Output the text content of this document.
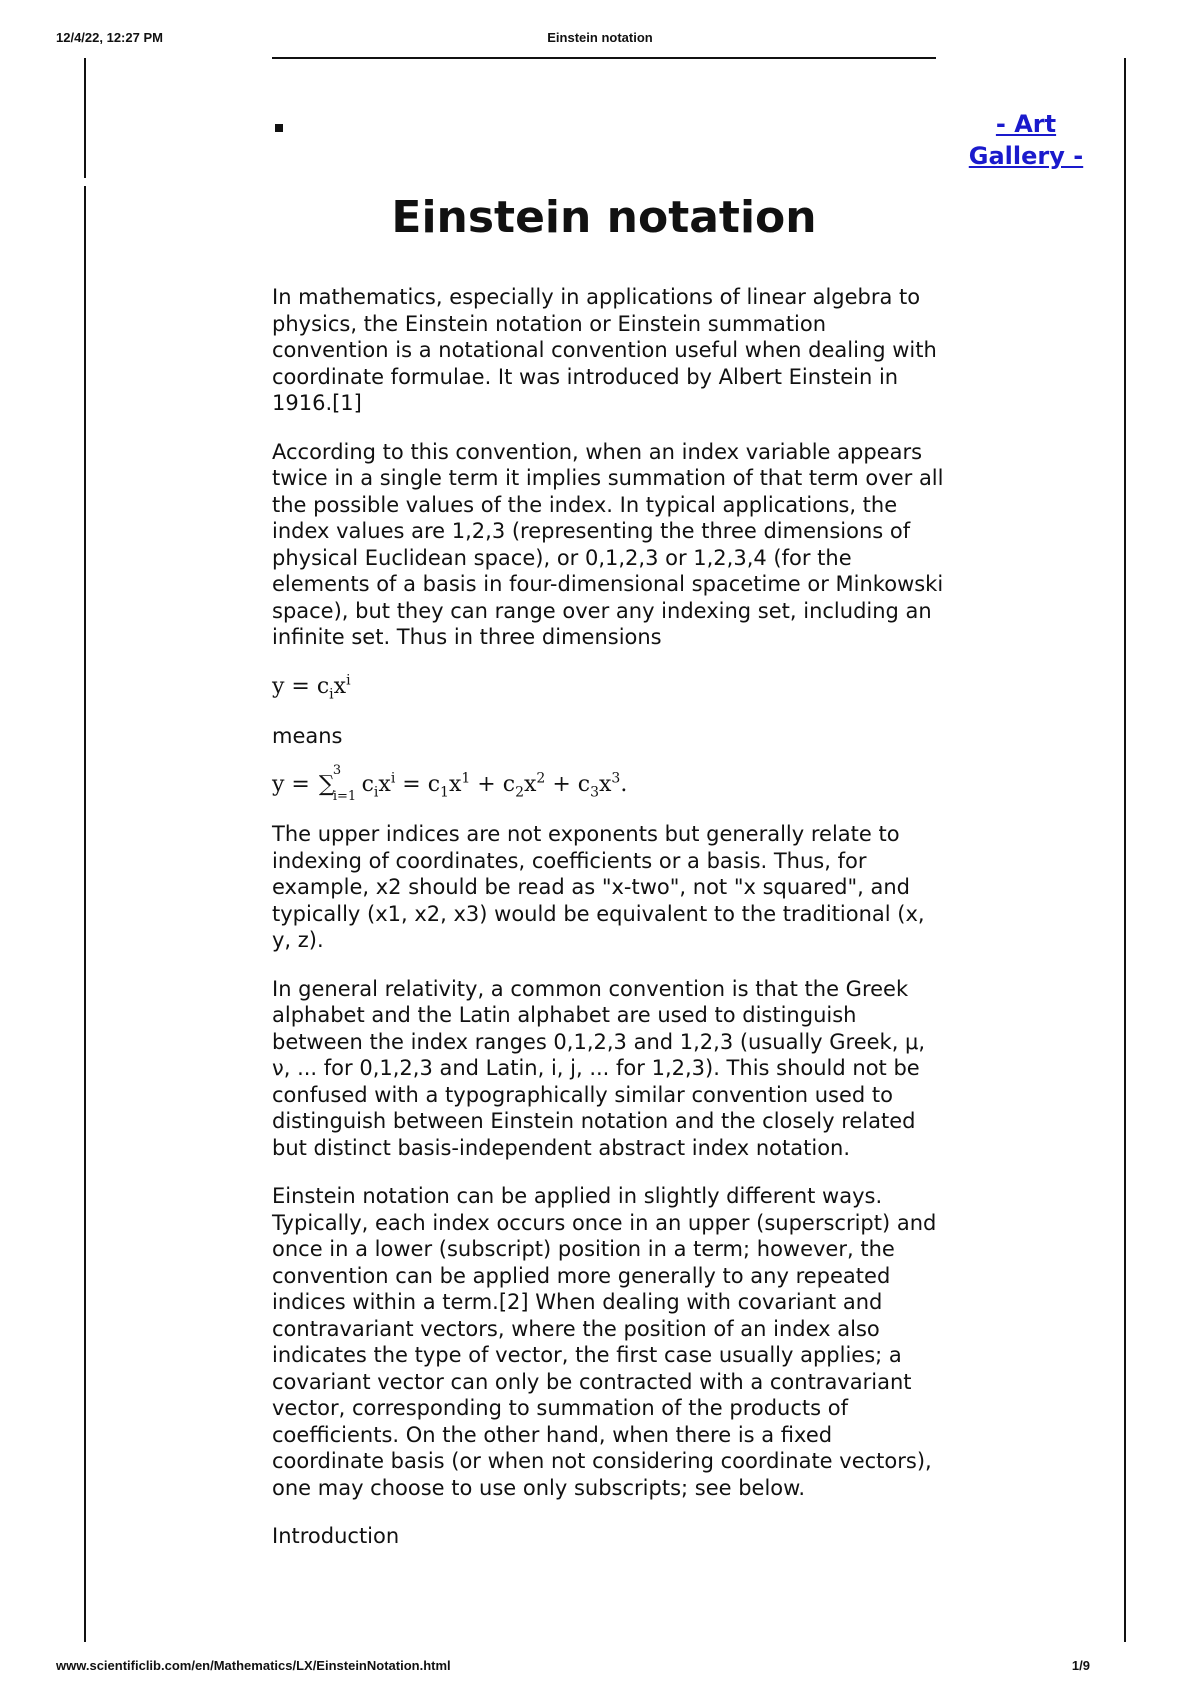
12/4/22, 12:27 PM	Einstein notation
- Art
Gallery -
Einstein notation

In mathematics, especially in applications of linear algebra to physics, the Einstein notation or Einstein summation convention is a notational convention useful when dealing with coordinate formulae. It was introduced by Albert Einstein in 1916.[1]

According to this convention, when an index variable appears twice in a single term it implies summation of that term over all the possible values of the index. In typical applications, the index values are 1,2,3 (representing the three dimensions of physical Euclidean space), or 0,1,2,3 or 1,2,3,4 (for the elements of a basis in four-dimensional spacetime or Minkowski space), but they can range over any indexing set, including an infinite set. Thus in three dimensions

$y = c_ix^i$

means

y = ∑
3
i=1
$c_ix^i = c_1x^1 + c_2x^2 + c_3x^3$.

The upper indices are not exponents but generally relate to indexing of coordinates, coefficients or a basis. Thus, for example, x2 should be read as "x-two", not "x squared", and typically (x1, x2, x3) would be equivalent to the traditional (x, y, z).

In general relativity, a common convention is that the Greek alphabet and the Latin alphabet are used to distinguish between the index ranges 0,1,2,3 and 1,2,3 (usually Greek, μ, ν, ... for 0,1,2,3 and Latin, i, j, ... for 1,2,3). This should not be confused with a typographically similar convention used to distinguish between Einstein notation and the closely related but distinct basis-independent abstract index notation.

Einstein notation can be applied in slightly different ways. Typically, each index occurs once in an upper (superscript) and once in a lower (subscript) position in a term; however, the convention can be applied more generally to any repeated indices within a term.[2] When dealing with covariant and contravariant vectors, where the position of an index also indicates the type of vector, the first case usually applies; a covariant vector can only be contracted with a contravariant vector, corresponding to summation of the products of coefficients. On the other hand, when there is a fixed coordinate basis (or when not considering coordinate vectors), one may choose to use only subscripts; see below.

Introduction

www.scientificlib.com/en/Mathematics/LX/EinsteinNotation.html	1/9
